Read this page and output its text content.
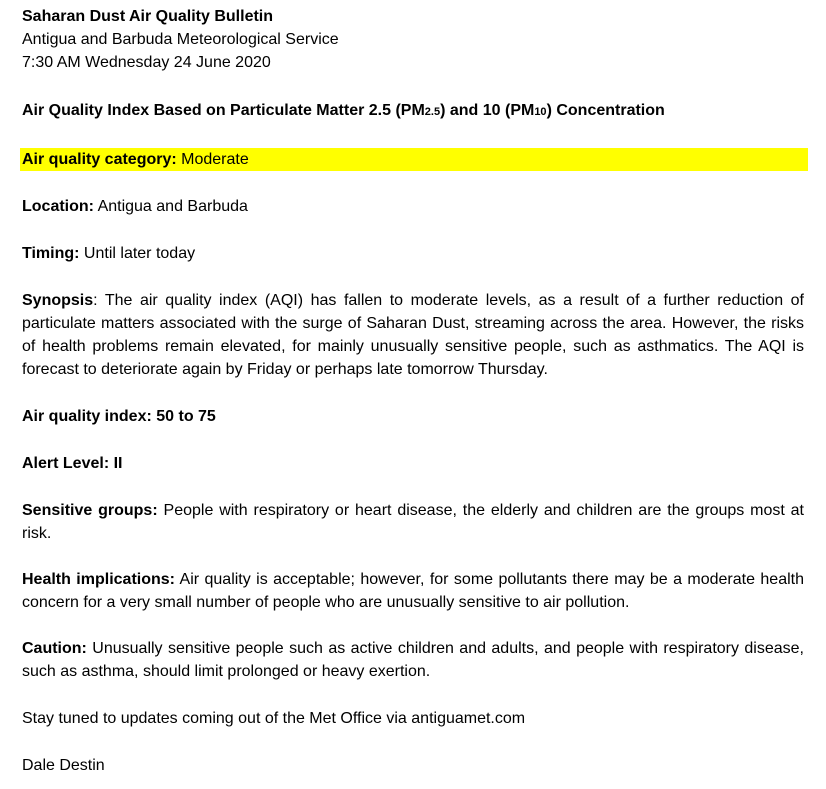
Saharan Dust Air Quality Bulletin
Antigua and Barbuda Meteorological Service
7:30 AM Wednesday 24 June 2020
Air Quality Index Based on Particulate Matter 2.5 (PM2.5) and 10 (PM10) Concentration
Air quality category: Moderate
Location: Antigua and Barbuda
Timing: Until later today
Synopsis: The air quality index (AQI) has fallen to moderate levels, as a result of a further reduction of particulate matters associated with the surge of Saharan Dust, streaming across the area. However, the risks of health problems remain elevated, for mainly unusually sensitive people, such as asthmatics. The AQI is forecast to deteriorate again by Friday or perhaps late tomorrow Thursday.
Air quality index: 50 to 75
Alert Level: II
Sensitive groups: People with respiratory or heart disease, the elderly and children are the groups most at risk.
Health implications: Air quality is acceptable; however, for some pollutants there may be a moderate health concern for a very small number of people who are unusually sensitive to air pollution.
Caution: Unusually sensitive people such as active children and adults, and people with respiratory disease, such as asthma, should limit prolonged or heavy exertion.
Stay tuned to updates coming out of the Met Office via antiguamet.com
Dale Destin
